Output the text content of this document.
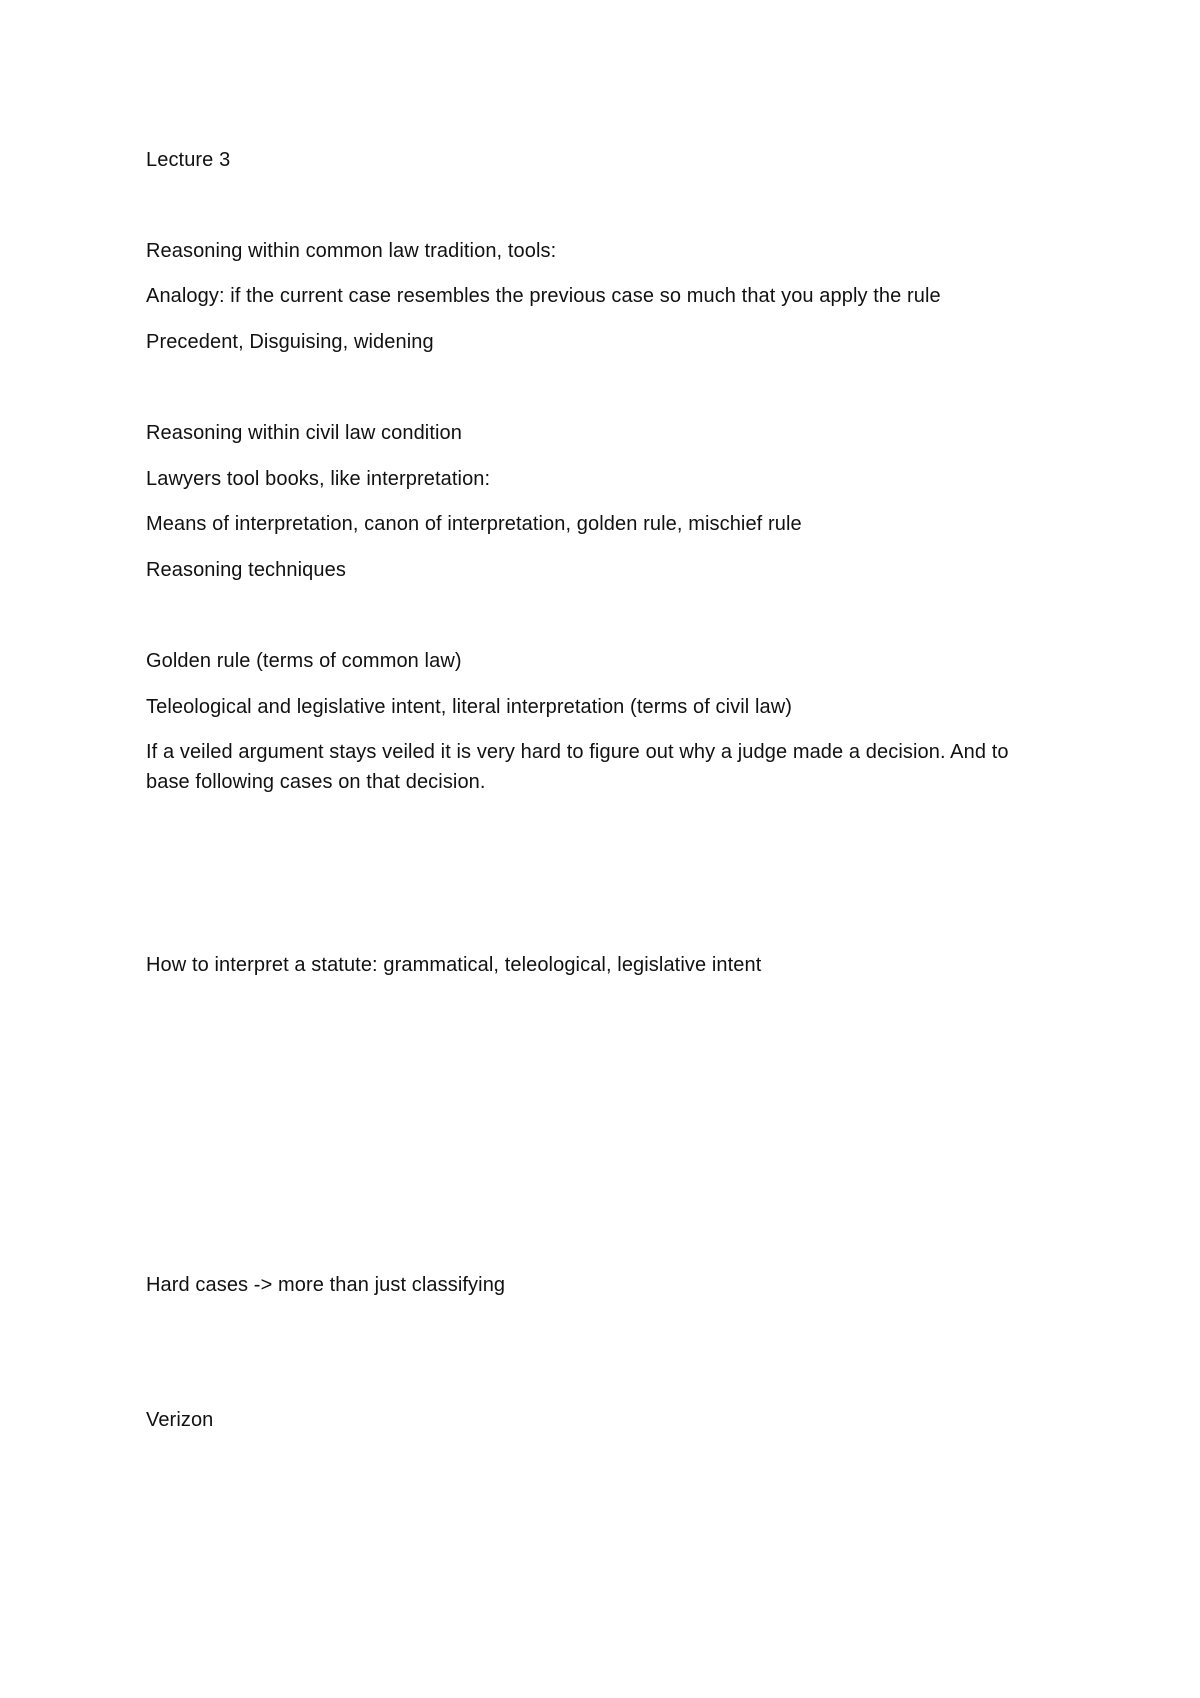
Lecture 3
Reasoning within common law tradition, tools:
Analogy: if the current case resembles the previous case so much that you apply the rule
Precedent, Disguising, widening
Reasoning within civil law condition
Lawyers tool books, like interpretation:
Means of interpretation, canon of interpretation, golden rule, mischief rule
Reasoning techniques
Golden rule (terms of common law)
Teleological and legislative intent, literal interpretation (terms of civil law)
If a veiled argument stays veiled it is very hard to figure out why a judge made a decision. And to base following cases on that decision.
How to interpret a statute: grammatical, teleological, legislative intent
Hard cases -> more than just classifying
Verizon
